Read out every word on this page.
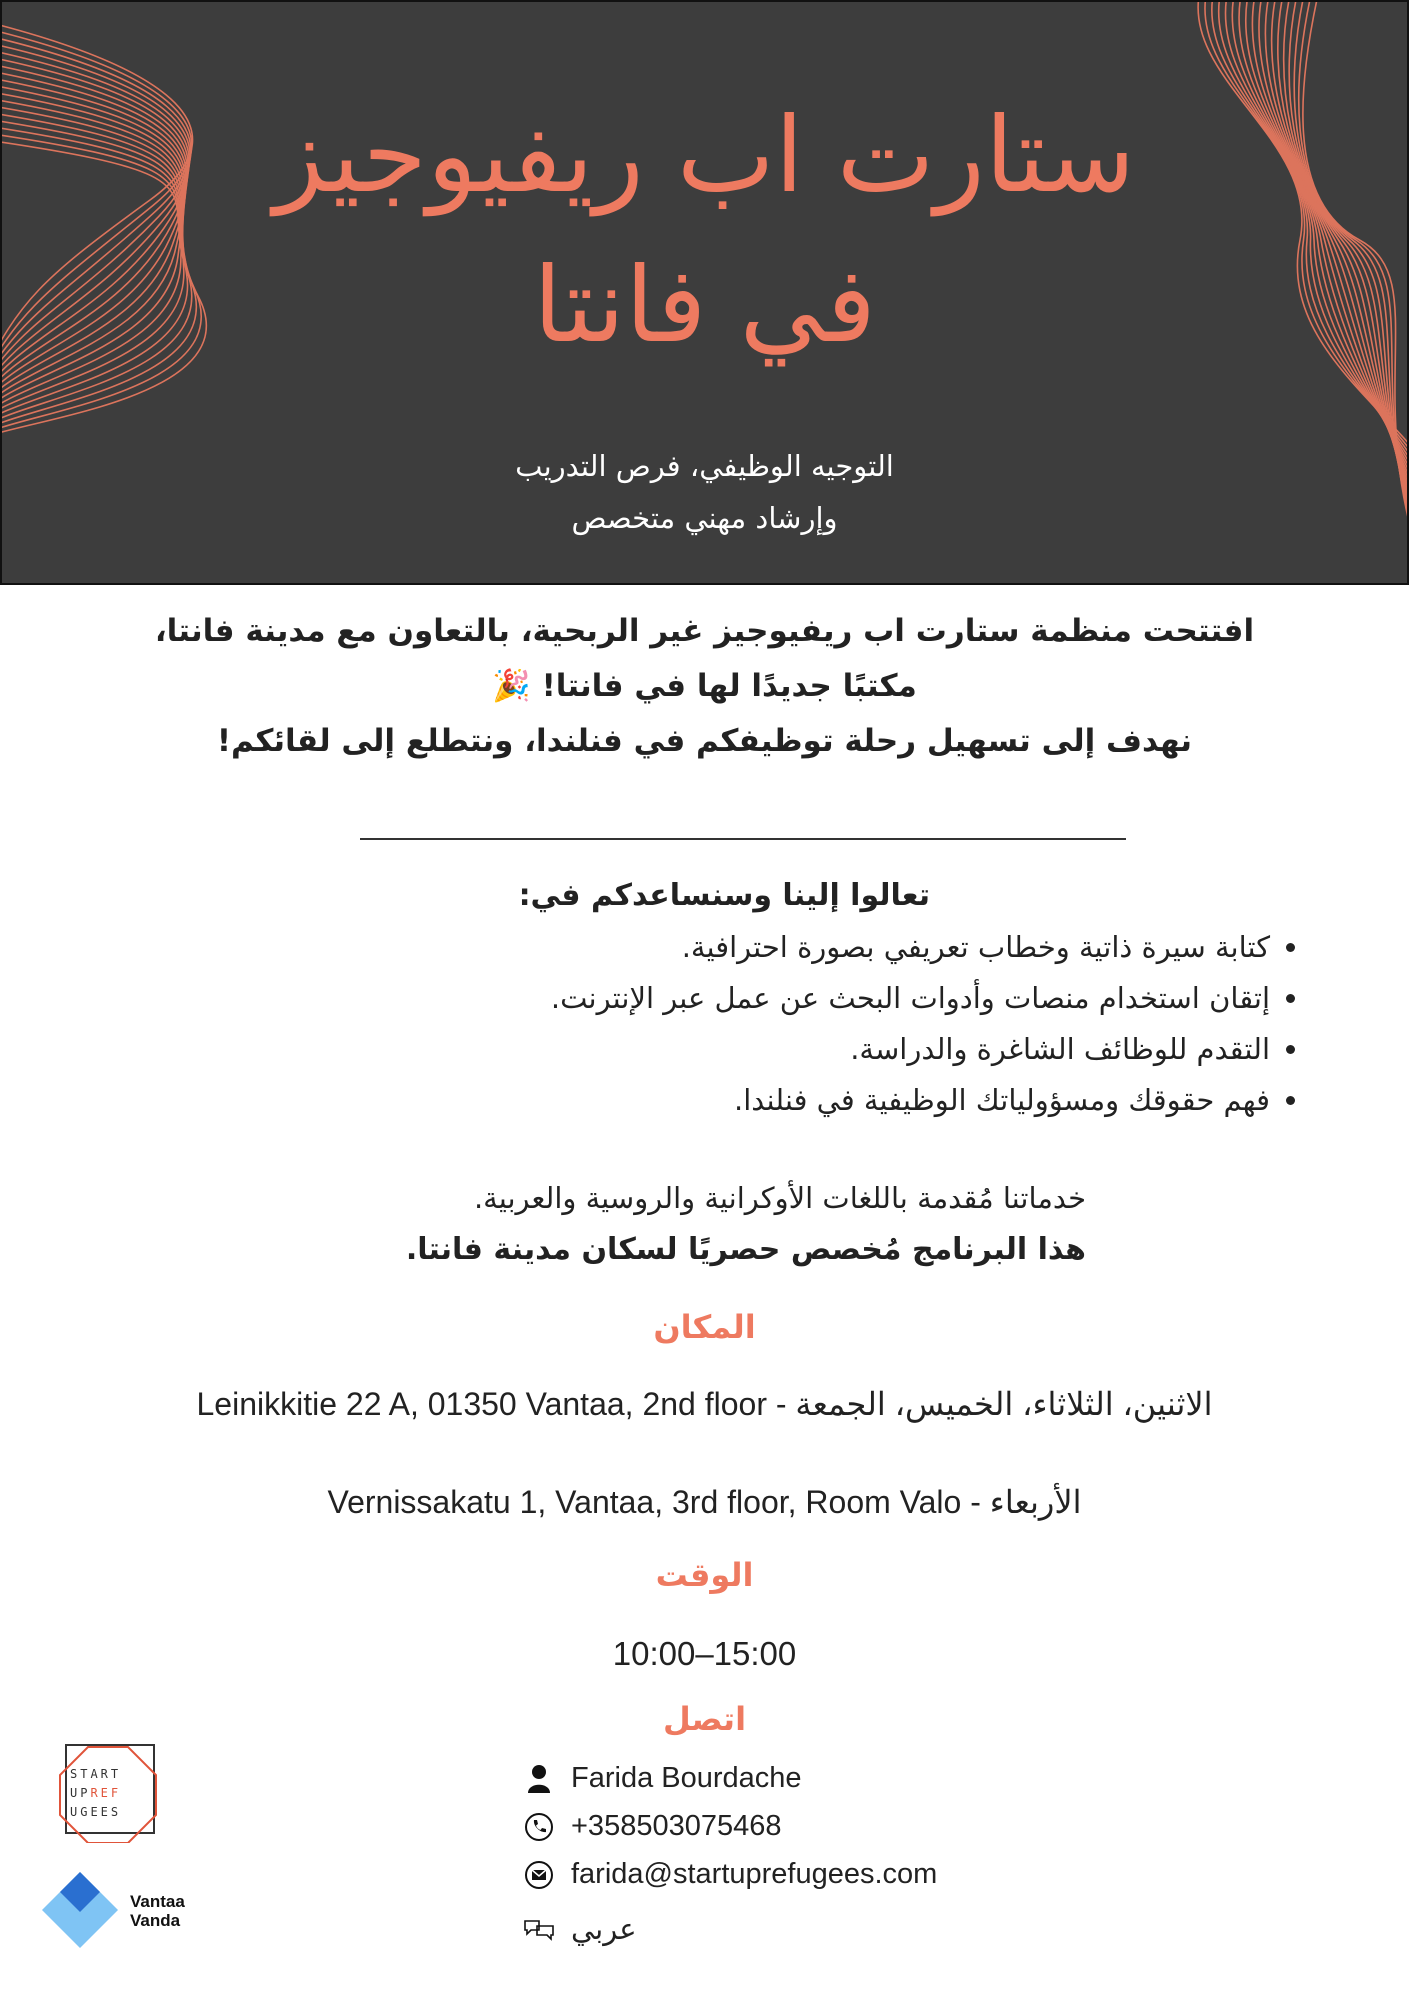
ستارت اب ريفيوجيز
في فانتا
التوجيه الوظيفي، فرص التدريب
وإرشاد مهني متخصص
افتتحت منظمة ستارت اب ريفيوجيز غير الربحية، بالتعاون مع مدينة فانتا،
مكتبًا جديدًا لها في فانتا! 🎉
نهدف إلى تسهيل رحلة توظيفكم في فنلندا، ونتطلع إلى لقائكم!
تعالوا إلينا وسنساعدكم في:
• كتابة سيرة ذاتية وخطاب تعريفي بصورة احترافية.
• إتقان استخدام منصات وأدوات البحث عن عمل عبر الإنترنت.
• التقدم للوظائف الشاغرة والدراسة.
• فهم حقوقك ومسؤولياتك الوظيفية في فنلندا.
خدماتنا مُقدمة باللغات الأوكرانية والروسية والعربية.
هذا البرنامج مُخصص حصريًا لسكان مدينة فانتا.
المكان
الاثنين، الثلاثاء، الخميس، الجمعة - Leinikkitie 22 A, 01350 Vantaa, 2nd floor
الأربعاء - Vernissakatu 1, Vantaa, 3rd floor, Room Valo
الوقت
10:00–15:00
اتصل
Farida Bourdache
+358503075468
farida@startuprefugees.com
عربي
START
UPREF
UGEES
Vantaa
Vanda
